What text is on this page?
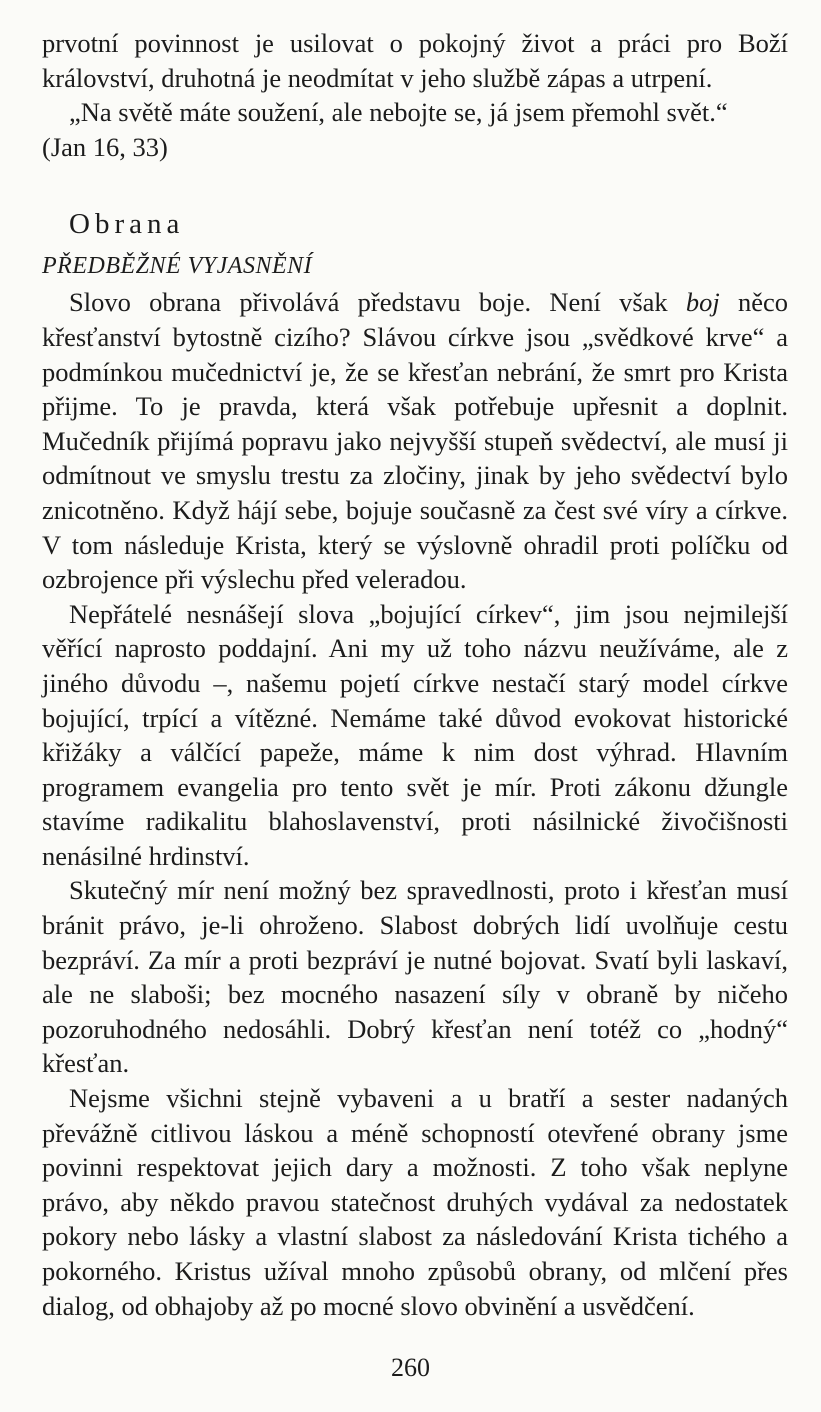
prvotní povinnost je usilovat o pokojný život a práci pro Boží království, druhotná je neodmítat v jeho službě zápas a utrpení.

„Na světě máte soužení, ale nebojte se, já jsem přemohl svět.“

(Jan 16, 33)

Obrana
PŘEDBĚŽNÉ VYJASNĚNÍ

Slovo obrana přivolává představu boje. Není však boj něco křesťanství bytostně cizího? Slávou církve jsou „svědkové krve“ a podmínkou mučednictví je, že se křesťan nebrání, že smrt pro Krista přijme. To je pravda, která však potřebuje upřesnit a doplnit. Mučedník přijímá popravu jako nejvyšší stupeň svědectví, ale musí ji odmítnout ve smyslu trestu za zločiny, jinak by jeho svědectví bylo znicotněno. Když hájí sebe, bojuje současně za čest své víry a církve. V tom následuje Krista, který se výslovně ohradil proti políčku od ozbrojence při výslechu před veleradou.

Nepřátelé nesnášejí slova „bojující církev“, jim jsou nejmilejší věřící naprosto poddajní. Ani my už toho názvu neužíváme, ale z jiného důvodu –, našemu pojetí církve nestačí starý model církve bojující, trpící a vítězné. Nemáme také důvod evokovat historické křižáky a válčící papeže, máme k nim dost výhrad. Hlavním programem evangelia pro tento svět je mír. Proti zákonu džungle stavíme radikalitu blahoslavenství, proti násilnické živočišnosti nenásilné hrdinství.

Skutečný mír není možný bez spravedlnosti, proto i křesťan musí bránit právo, je-li ohroženo. Slabost dobrých lidí uvolňuje cestu bezpráví. Za mír a proti bezpráví je nutné bojovat. Svatí byli laskaví, ale ne slaboši; bez mocného nasazení síly v obraně by ničeho pozoruhodného nedosáhli. Dobrý křesťan není totéž co „hodný“ křesťan.

Nejsme všichni stejně vybaveni a u bratří a sester nadaných převážně citlivou láskou a méně schopností otevřené obrany jsme povinni respektovat jejich dary a možnosti. Z toho však neplyne právo, aby někdo pravou statečnost druhých vydával za nedostatek pokory nebo lásky a vlastní slabost za následování Krista tichého a pokorného. Kristus užíval mnoho způsobů obrany, od mlčení přes dialog, od obhajoby až po mocné slovo obvinění a usvědčení.

260
